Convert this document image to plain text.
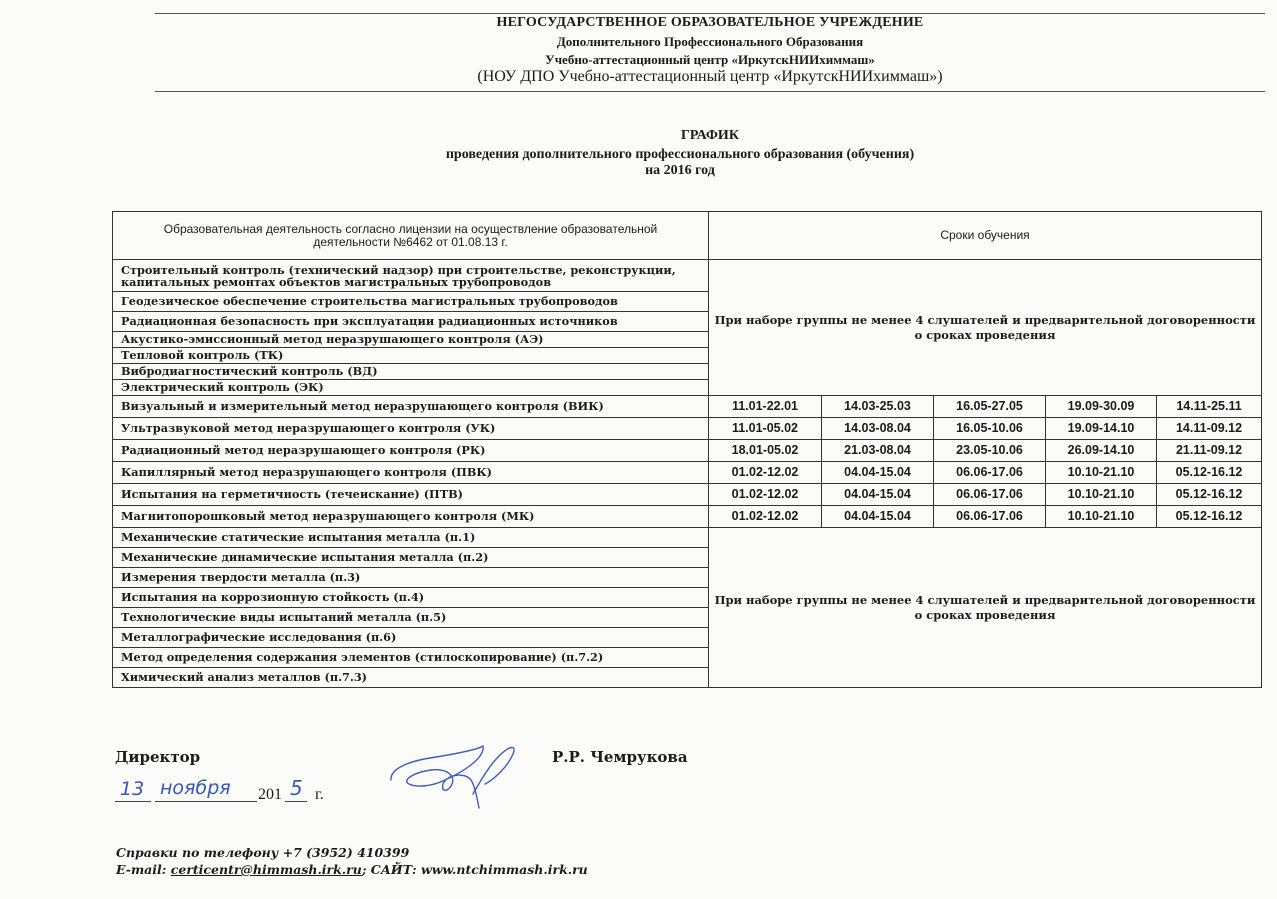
НЕГОСУДАРСТВЕННОЕ ОБРАЗОВАТЕЛЬНОЕ УЧРЕЖДЕНИЕ
Дополнительного Профессионального Образования
Учебно-аттестационный центр «ИркутскНИИхиммаш»
(НОУ ДПО Учебно-аттестационный центр «ИркутскНИИхиммаш»)
ГРАФИК
проведения дополнительного профессионального образования (обучения)
на 2016 год
Образовательная деятельность согласно лицензии на осуществление образовательной деятельности №6462 от 01.08.13 г.	Сроки обучения				
Строительный контроль (технический надзор) при строительстве, реконструкции, капитальных ремонтах объектов магистральных трубопроводов	При наборе группы не менее 4 слушателей и предварительной договоренности о сроках проведения				
Геодезическое обеспечение строительства магистральных трубопроводов					
Радиационная безопасность при эксплуатации радиационных источников					
Акустико-эмиссионный метод неразрушающего контроля (АЭ)					
Тепловой контроль (ТК)					
Вибродиагностический контроль (ВД)					
Электрический контроль (ЭК)					
Визуальный и измерительный метод неразрушающего контроля (ВИК)	11.01-22.01	14.03-25.03	16.05-27.05	19.09-30.09	14.11-25.11
Ультразвуковой метод неразрушающего контроля (УК)	11.01-05.02	14.03-08.04	16.05-10.06	19.09-14.10	14.11-09.12
Радиационный метод неразрушающего контроля (РК)	18.01-05.02	21.03-08.04	23.05-10.06	26.09-14.10	21.11-09.12
Капиллярный метод неразрушающего контроля (ПВК)	01.02-12.02	04.04-15.04	06.06-17.06	10.10-21.10	05.12-16.12
Испытания на герметичность (течеискание) (ПТВ)	01.02-12.02	04.04-15.04	06.06-17.06	10.10-21.10	05.12-16.12
Магнитопорошковый метод неразрушающего контроля (МК)	01.02-12.02	04.04-15.04	06.06-17.06	10.10-21.10	05.12-16.12
Механические статические испытания металла (п.1)	При наборе группы не менее 4 слушателей и предварительной договоренности о сроках проведения				
Механические динамические испытания металла (п.2)					
Измерения твердости металла (п.3)					
Испытания на коррозионную стойкость (п.4)					
Технологические виды испытаний металла (п.5)					
Металлографические исследования (п.6)					
Метод определения содержания элементов (стилоскопирование) (п.7.2)					
Химический анализ металлов (п.7.3)					
Директор	Р.Р. Чемрукова
13 ноября 201 5 г.
Справки по телефону +7 (3952) 410399
E-mail: certicentr@himmash.irk.ru; САЙТ: www.ntchimmash.irk.ru
